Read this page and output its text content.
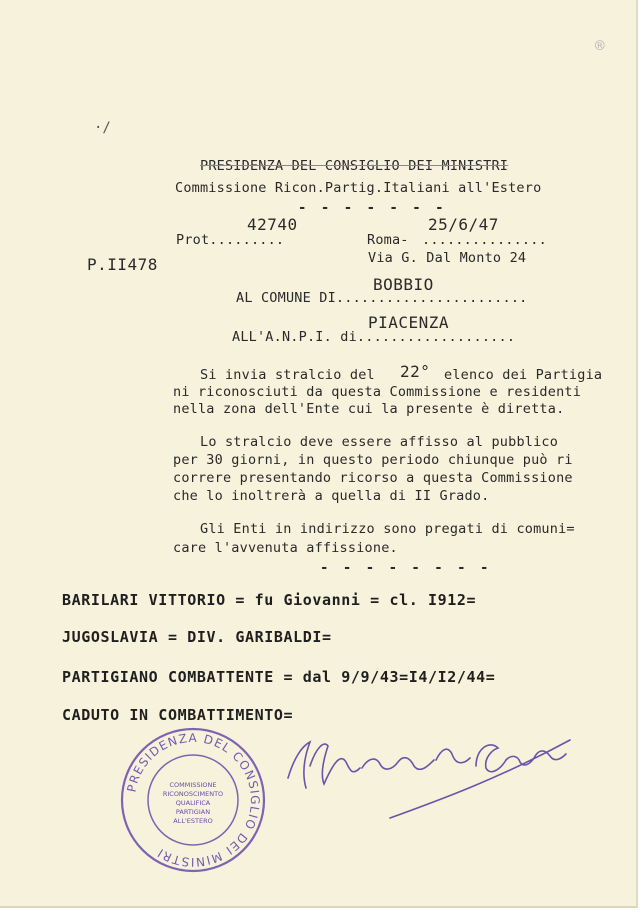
·/
®
PRESIDENZA DEL CONSIGLIO DEI MINISTRI
Commissione Ricon.Partig.Italiani all'Estero
- - - - - - -
42740
Prot.........	Roma-
25/6/47
...............
Via G. Dal Monto 24
P.II478
BOBBIO
AL COMUNE DI.......................
PIACENZA
ALL'A.N.P.I. di...................
Si invia stralcio del 22° elenco dei Partigia
ni riconosciuti da questa Commissione e residenti
nella zona dell'Ente cui la presente è diretta.
Lo stralcio deve essere affisso al pubblico
per 30 giorni, in questo periodo chiunque può ri
correre presentando ricorso a questa Commissione
che lo inoltrerà a quella di II Grado.
Gli Enti in indirizzo sono pregati di comuni=
care l'avvenuta affissione.
- - - - - - - -
BARILARI VITTORIO = fu Giovanni = cl. I912=
JUGOSLAVIA = DIV. GARIBALDI=
PARTIGIANO COMBATTENTE = dal 9/9/43=I4/I2/44=
CADUTO IN COMBATTIMENTO=
PRESIDENZA DEL CONSIGLIO DEI MINISTRI
COMMISSIONE
RICONOSCIMENTO
QUALIFICA
PARTIGIAN
ALL'ESTERO
